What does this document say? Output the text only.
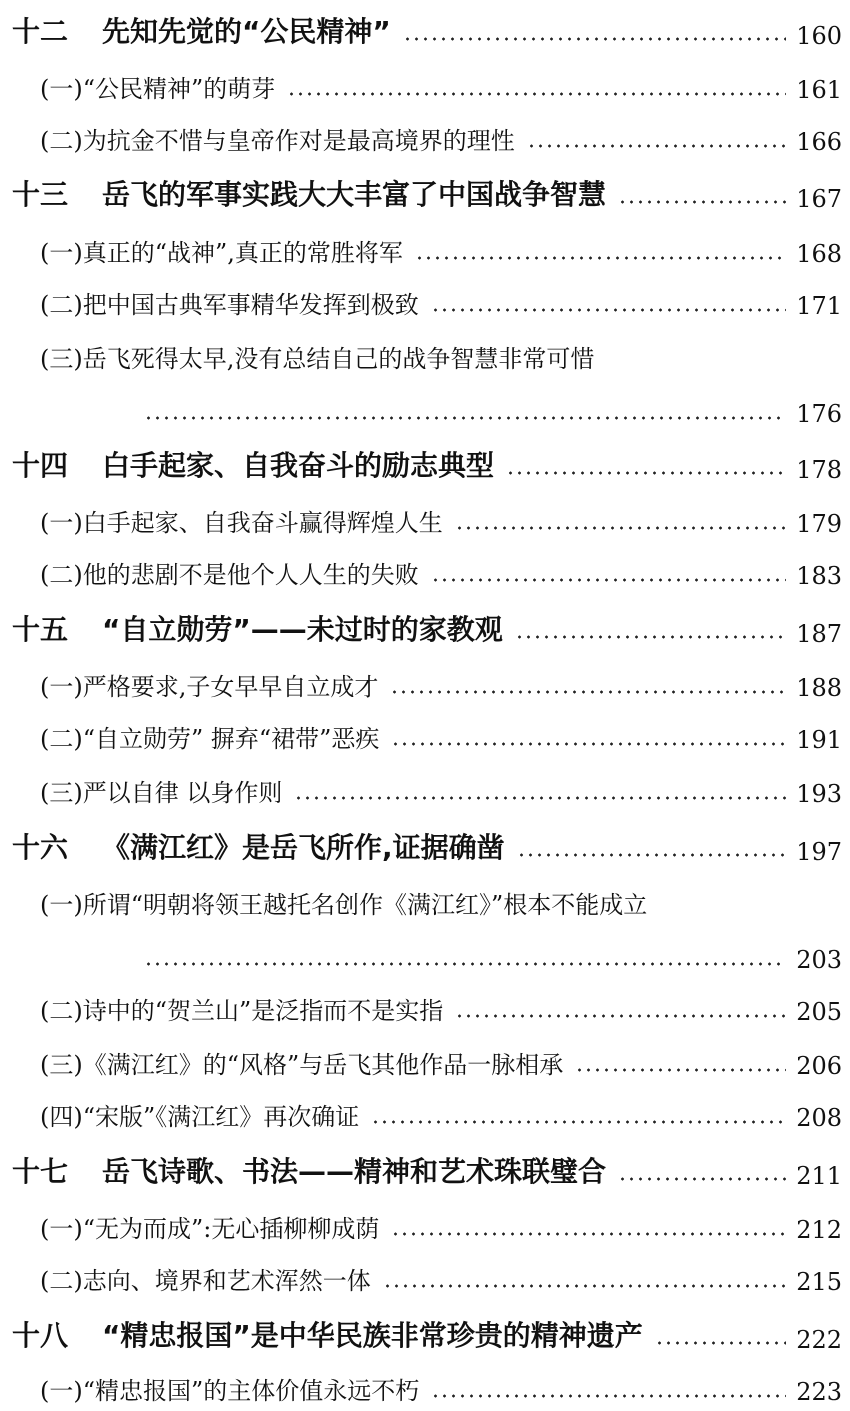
十二	先知先觉的“公民精神”	160
(一)“公民精神”的萌芽	161
(二)为抗金不惜与皇帝作对是最高境界的理性	166
十三	岳飞的军事实践大大丰富了中国战争智慧	167
(一)真正的“战神”,真正的常胜将军	168
(二)把中国古典军事精华发挥到极致	171
(三)岳飞死得太早,没有总结自己的战争智慧非常可惜
176
十四	白手起家、自我奋斗的励志典型	178
(一)白手起家、自我奋斗赢得辉煌人生	179
(二)他的悲剧不是他个人人生的失败	183
十五	“自立勋劳”——未过时的家教观	187
(一)严格要求,子女早早自立成才	188
(二)“自立勋劳” 摒弃“裙带”恶疾	191
(三)严以自律 以身作则	193
十六	《满江红》是岳飞所作,证据确凿	197
(一)所谓“明朝将领王越托名创作《满江红》”根本不能成立
203
(二)诗中的“贺兰山”是泛指而不是实指	205
(三)《满江红》的“风格”与岳飞其他作品一脉相承	206
(四)“宋版”《满江红》再次确证	208
十七	岳飞诗歌、书法——精神和艺术珠联璧合	211
(一)“无为而成”:无心插柳柳成荫	212
(二)志向、境界和艺术浑然一体	215
十八	“精忠报国”是中华民族非常珍贵的精神遗产	222
(一)“精忠报国”的主体价值永远不朽	223
